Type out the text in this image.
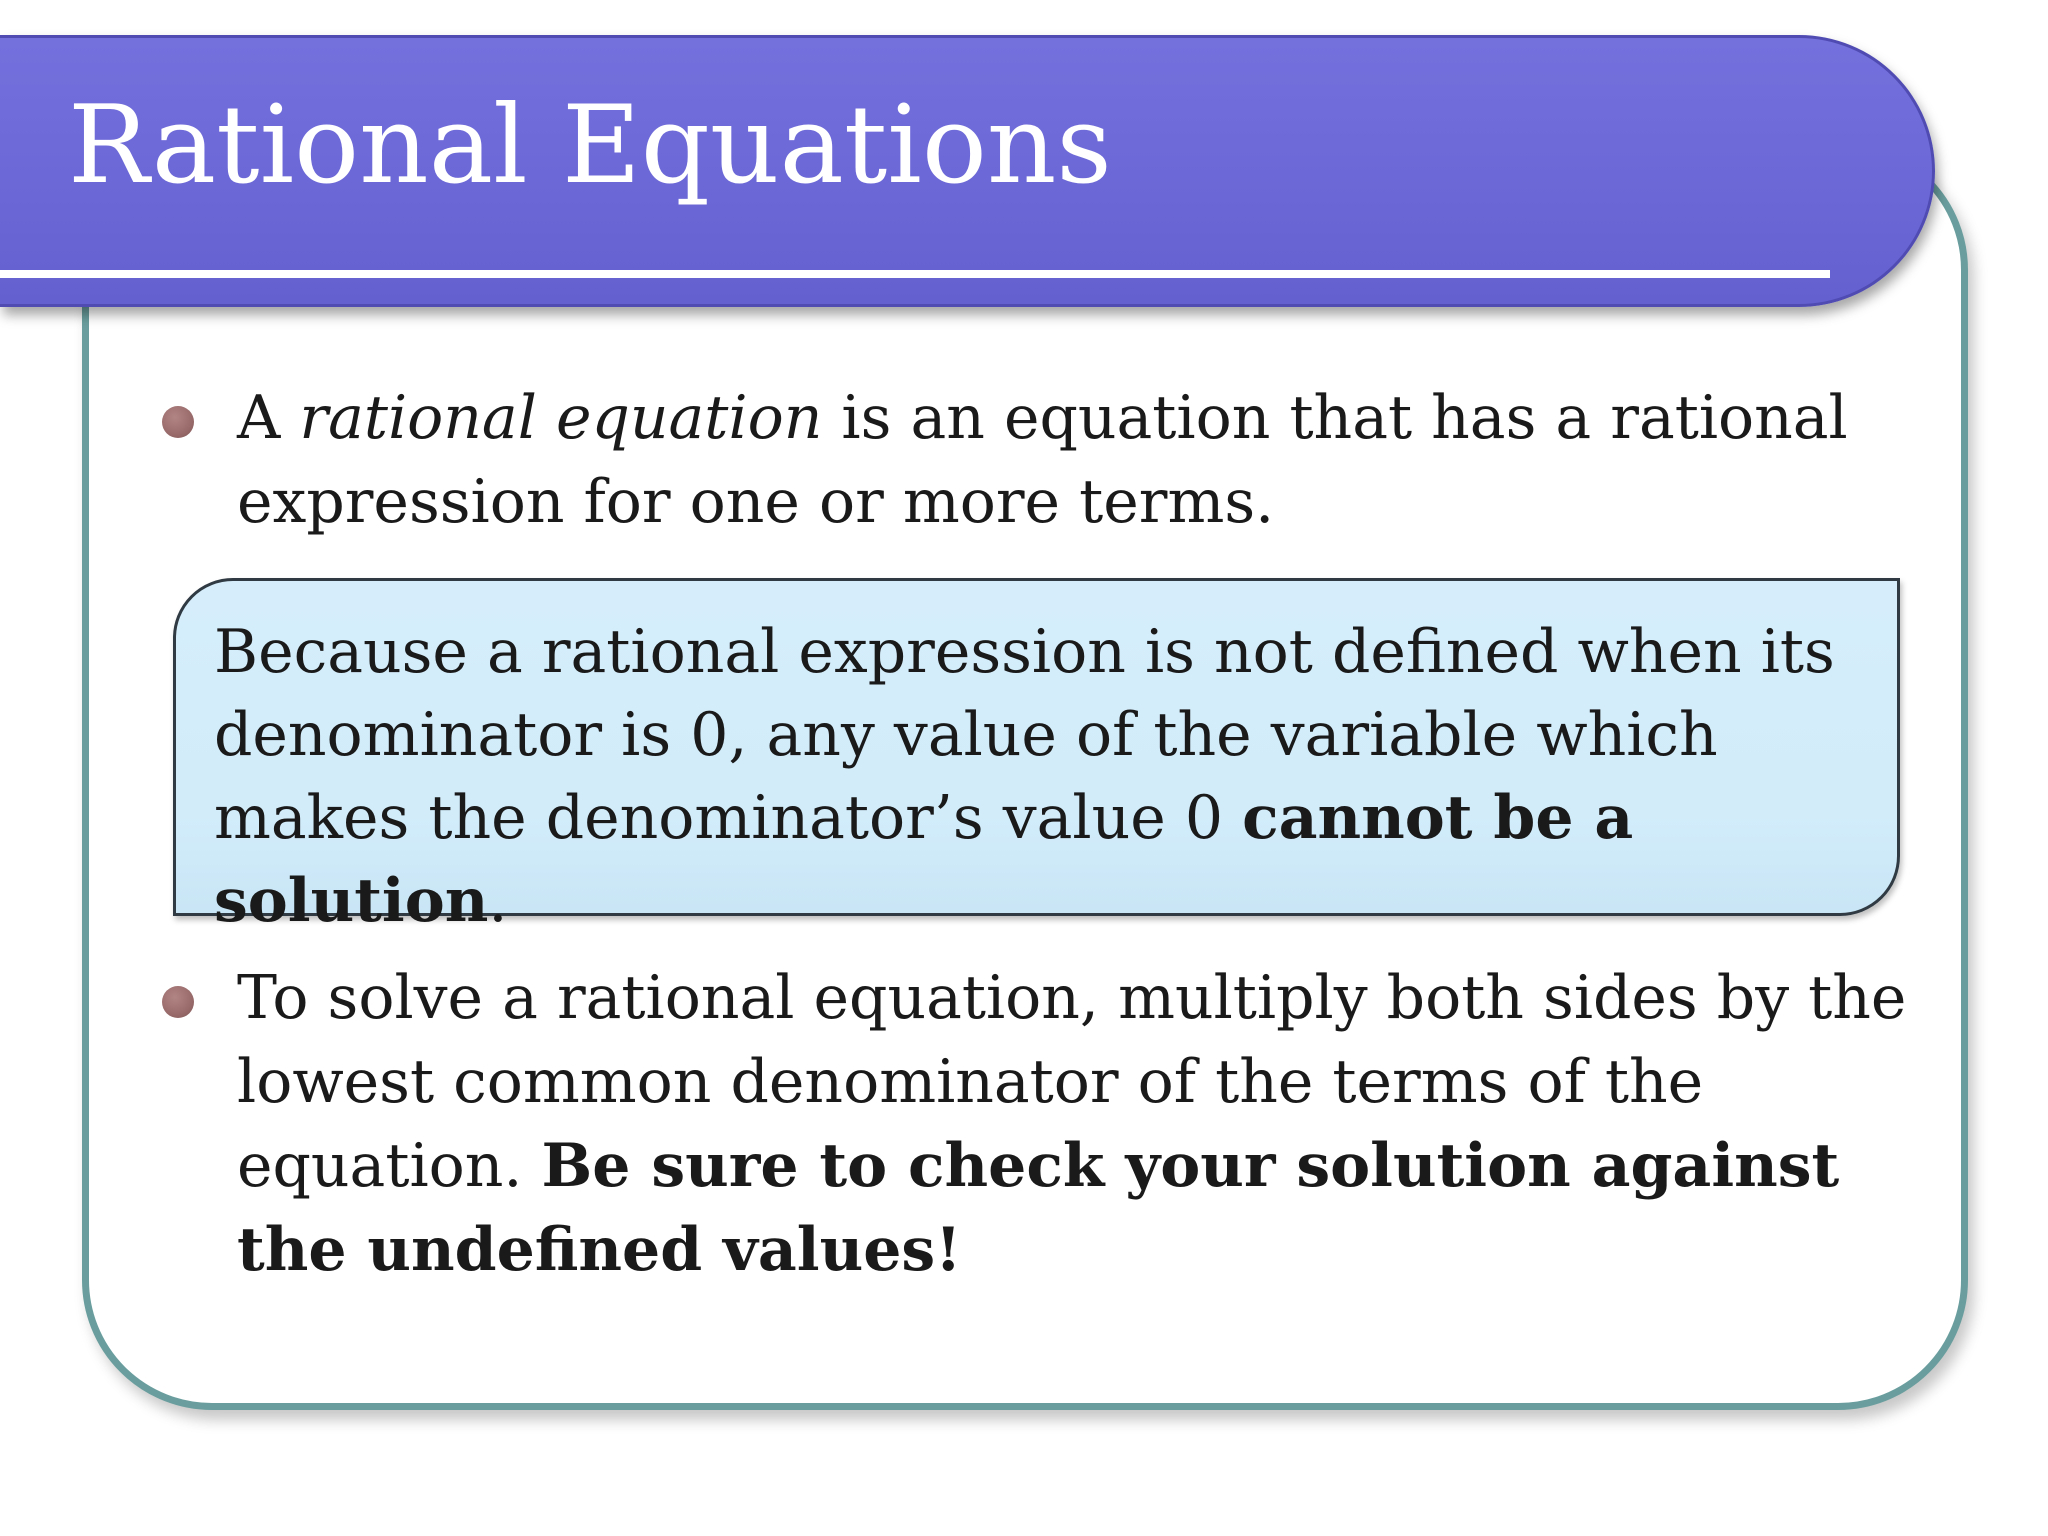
Rational Equations
A rational equation is an equation that has a rational expression for one or more terms.
Because a rational expression is not defined when its denominator is 0, any value of the variable which makes the denominator’s value 0 cannot be a solution.
To solve a rational equation, multiply both sides by the lowest common denominator of the terms of the equation. Be sure to check your solution against the undefined values!
